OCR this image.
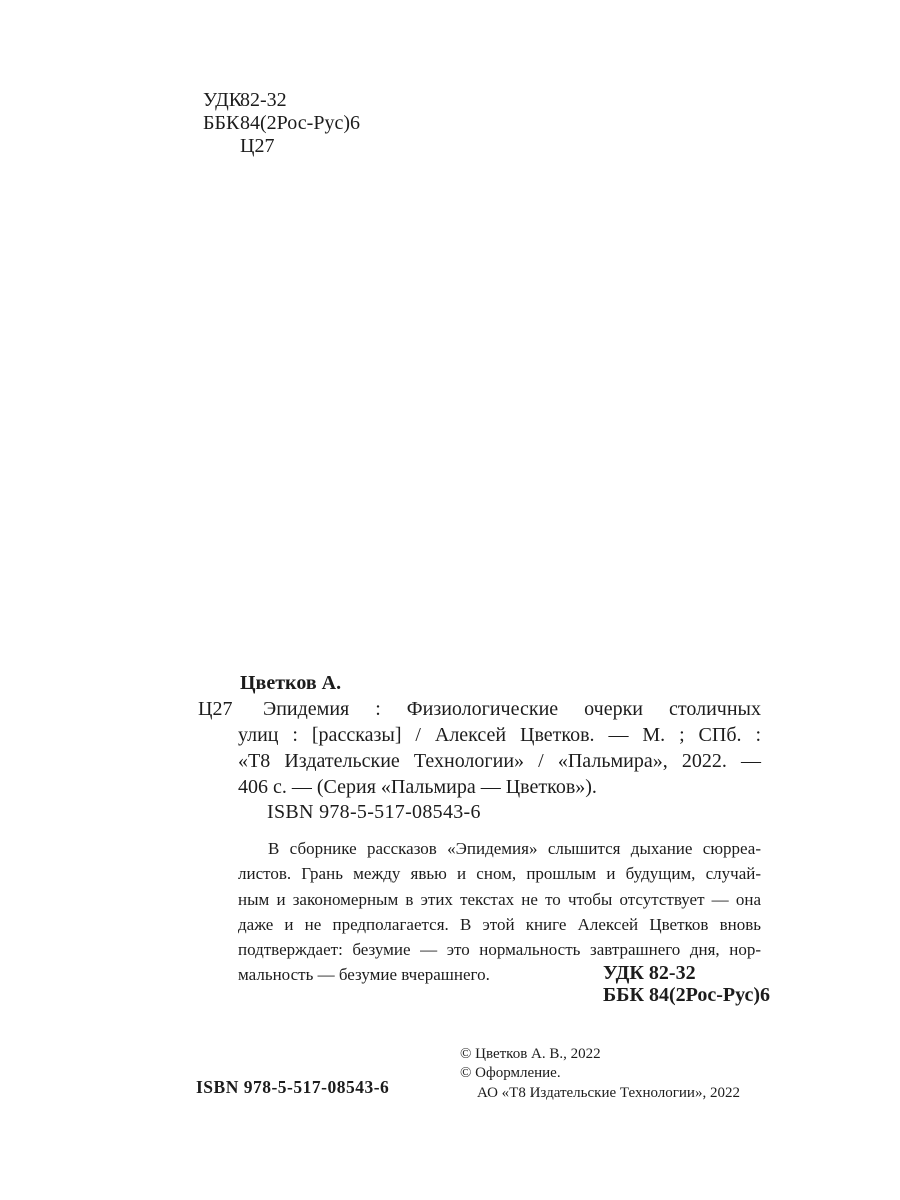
УДК82-32
ББК84(2Рос-Рус)6
Ц27
Цветков А.
Ц27	Эпидемия : Физиологические очерки столичных
улиц : [рассказы] / Алексей Цветков. — М. ; СПб. :
«Т8 Издательские Технологии» / «Пальмира», 2022. —
406 с. — (Серия «Пальмира — Цветков»).
ISBN 978-5-517-08543-6
В сборнике рассказов «Эпидемия» слышится дыхание сюрреа-
листов. Грань между явью и сном, прошлым и будущим, случай-
ным и закономерным в этих текстах не то чтобы отсутствует — она
даже и не предполагается. В этой книге Алексей Цветков вновь
подтверждает: безумие — это нормальность завтрашнего дня, нор-
мальность — безумие вчерашнего.	УДК 82-32
ББК 84(2Рос-Рус)6
© Цветков А. В., 2022
© Оформление.
АО «Т8 Издательские Технологии», 2022
ISBN 978-5-517-08543-6
